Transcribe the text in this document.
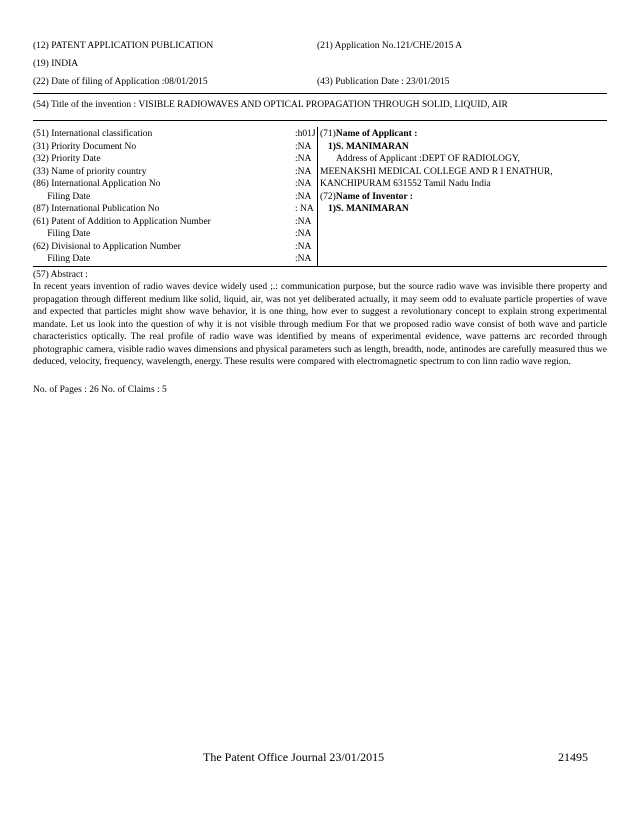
(12) PATENT APPLICATION PUBLICATION	(21) Application No.121/CHE/2015 A
(19) INDIA
(22) Date of filing of Application :08/01/2015	(43) Publication Date : 23/01/2015
(54) Title of the invention : VISIBLE RADIOWAVES AND OPTICAL PROPAGATION THROUGH SOLID, LIQUID, AIR
(51) International classification	:h01J
(31) Priority Document No	:NA
(32) Priority Date	:NA
(33) Name of priority country	:NA
(86) International Application No	:NA
Filing Date	:NA
(87) International Publication No	: NA
(61) Patent of Addition to Application Number	:NA
Filing Date	:NA
(62) Divisional to Application Number	:NA
Filing Date	:NA

(71)Name of Applicant :
1)S. MANIMARAN
Address of Applicant :DEPT OF RADIOLOGY,
MEENAKSHI MEDICAL COLLEGE AND R I ENATHUR,
KANCHIPURAM 631552 Tamil Nadu India
(72)Name of Inventor :
1)S. MANIMARAN
(57) Abstract :

In recent years invention of radio waves device widely used ;.: communication purpose, but the source radio wave was invisible there property and propagation through different medium like solid, liquid, air, was not yet deliberated actually, it may seem odd to evaluate particle properties of wave and expected that particles might show wave behavior, it is one thing, how ever to suggest a revolutionary concept to explain strong experimental mandate. Let us look into the question of why it is not visible through medium For that we proposed radio wave consist of both wave and particle characteristics optically. The real profile of radio wave was identified by means of experimental evidence, wave patterns arc recorded through photographic camera, visible radio waves dimensions and physical parameters such as length, breadth, node, antinodes are carefully measured thus we deduced, velocity, frequency, wavelength, energy. These results were compared with electromagnetic spectrum to con linn radio wave region.

No. of Pages : 26 No. of Claims : 5
The Patent Office Journal 23/01/2015	21495
